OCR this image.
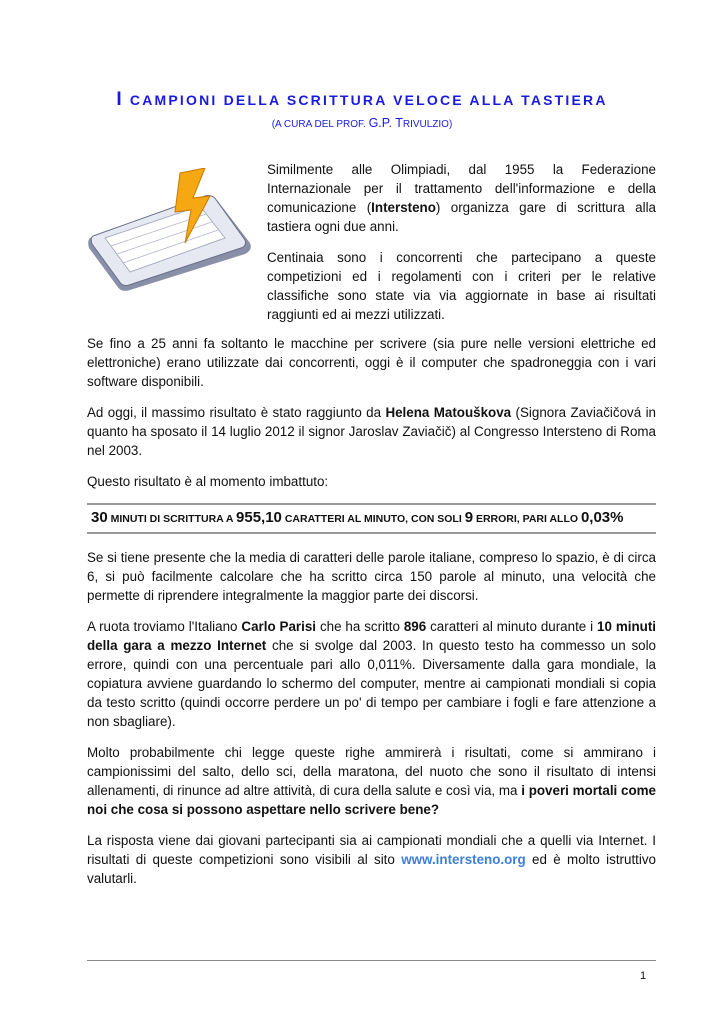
I CAMPIONI DELLA SCRITTURA VELOCE ALLA TASTIERA
(A CURA DEL PROF. G.P. TRIVULZIO)

Similmente alle Olimpiadi, dal 1955 la Federazione Internazionale per il trattamento dell'informazione e della comunicazione (Intersteno) organizza gare di scrittura alla tastiera ogni due anni.

Centinaia sono i concorrenti che partecipano a queste competizioni ed i regolamenti con i criteri per le relative classifiche sono state via via aggiornate in base ai risultati raggiunti ed ai mezzi utilizzati.

Se fino a 25 anni fa soltanto le macchine per scrivere (sia pure nelle versioni elettriche ed elettroniche) erano utilizzate dai concorrenti, oggi è il computer che spadroneggia con i vari software disponibili.

Ad oggi, il massimo risultato è stato raggiunto da Helena Matouškova (Signora Zaviačičová in quanto ha sposato il 14 luglio 2012 il signor Jaroslav Zaviačič) al Congresso Intersteno di Roma nel 2003.

Questo risultato è al momento imbattuto:

30 MINUTI DI SCRITTURA A 955,10 CARATTERI AL MINUTO, CON SOLI 9 ERRORI, PARI ALLO 0,03%

Se si tiene presente che la media di caratteri delle parole italiane, compreso lo spazio, è di circa 6, si può facilmente calcolare che ha scritto circa 150 parole al minuto, una velocità che permette di riprendere integralmente la maggior parte dei discorsi.

A ruota troviamo l'Italiano Carlo Parisi che ha scritto 896 caratteri al minuto durante i 10 minuti della gara a mezzo Internet che si svolge dal 2003. In questo testo ha commesso un solo errore, quindi con una percentuale pari allo 0,011%. Diversamente dalla gara mondiale, la copiatura avviene guardando lo schermo del computer, mentre ai campionati mondiali si copia da testo scritto (quindi occorre perdere un po' di tempo per cambiare i fogli e fare attenzione a non sbagliare).

Molto probabilmente chi legge queste righe ammirerà i risultati, come si ammirano i campionissimi del salto, dello sci, della maratona, del nuoto che sono il risultato di intensi allenamenti, di rinunce ad altre attività, di cura della salute e così via, ma i poveri mortali come noi che cosa si possono aspettare nello scrivere bene?

La risposta viene dai giovani partecipanti sia ai campionati mondiali che a quelli via Internet. I risultati di queste competizioni sono visibili al sito www.intersteno.org ed è molto istruttivo valutarli.

1
